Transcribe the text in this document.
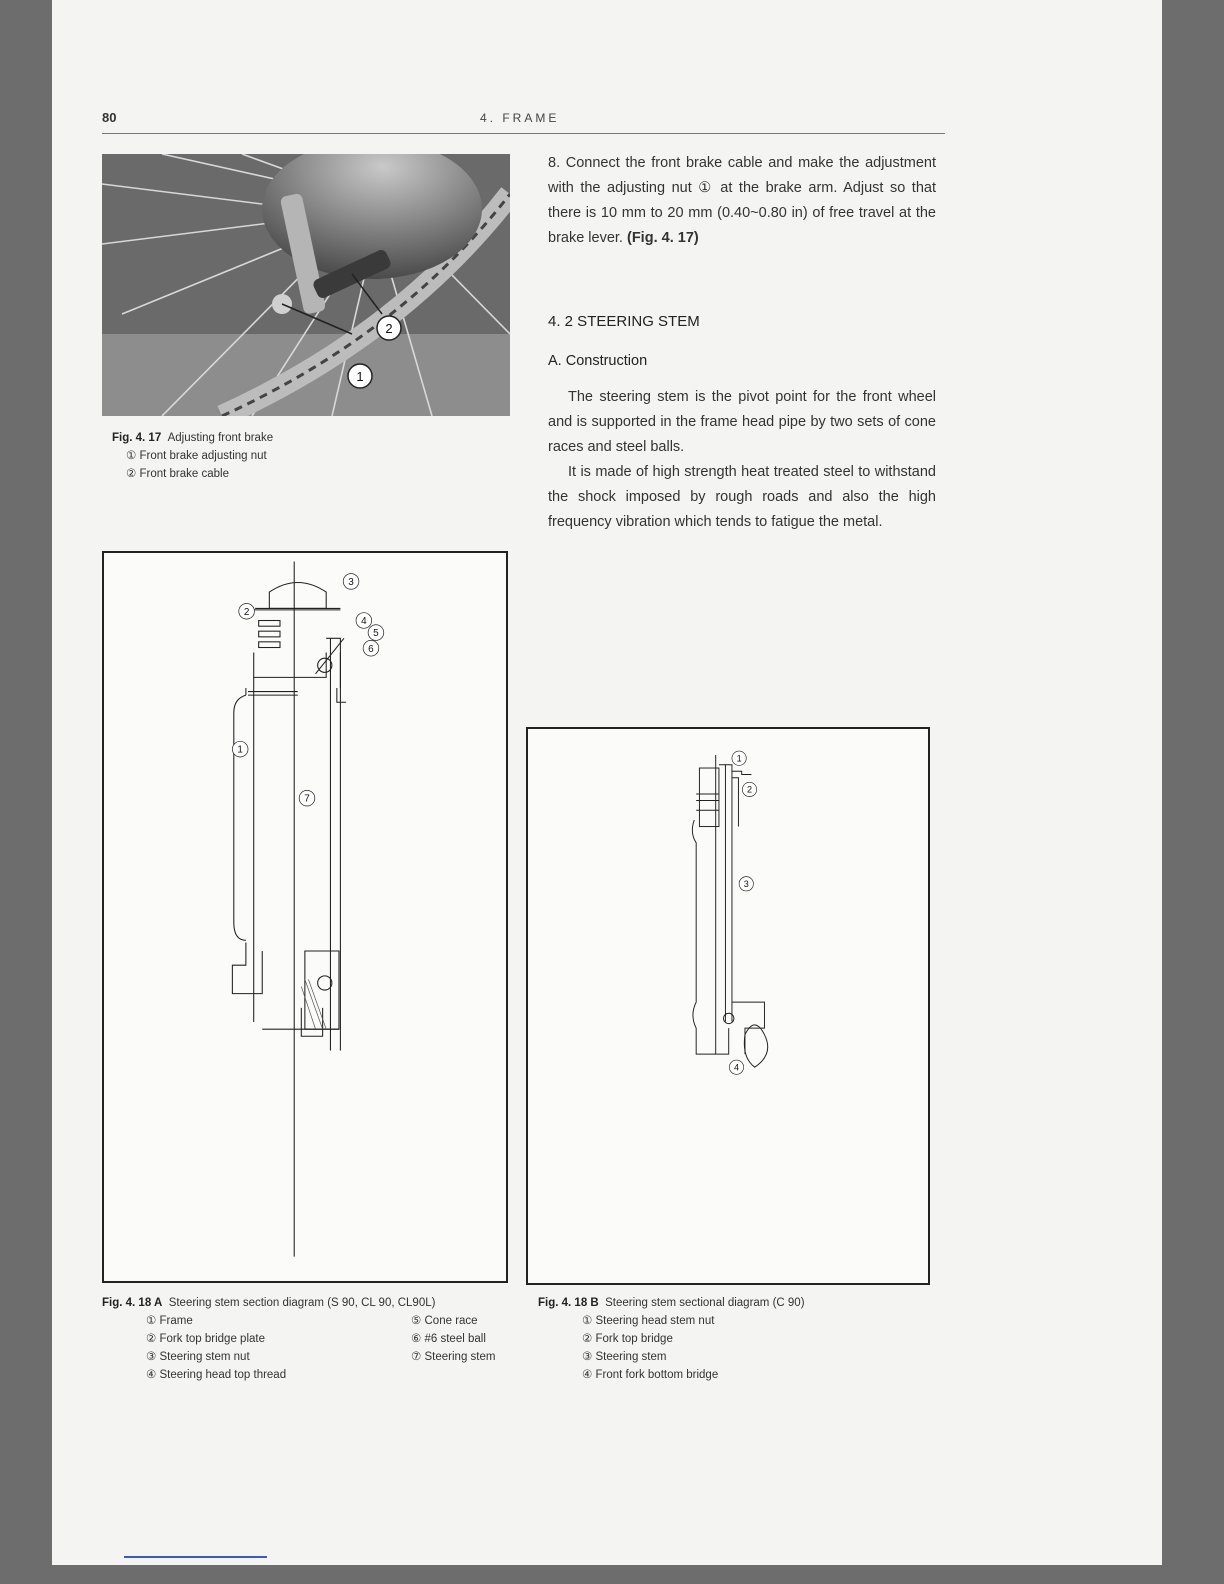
80	4. FRAME
1
2
Fig. 4. 17 Adjusting front brake
① Front brake adjusting nut
② Front brake cable
8. Connect the front brake cable and make the adjustment with the adjusting nut ① at the brake arm. Adjust so that there is 10 mm to 20 mm (0.40~0.80 in) of free travel at the brake lever. (Fig. 4. 17)
4. 2 STEERING STEM
A. Construction
The steering stem is the pivot point for the front wheel and is supported in the frame head pipe by two sets of cone races and steel balls.
It is made of high strength heat treated steel to withstand the shock imposed by rough roads and also the high frequency vibration which tends to fatigue the metal.
3
2
4
5
6
1
7
1
2
3
4
Fig. 4. 18 A Steering stem section diagram (S 90, CL 90, CL90L)
① Frame
② Fork top bridge plate
③ Steering stem nut
④ Steering head top thread
⑤ Cone race
⑥ #6 steel ball
⑦ Steering stem
Fig. 4. 18 B Steering stem sectional diagram (C 90)
① Steering head stem nut
② Fork top bridge
③ Steering stem
④ Front fork bottom bridge
